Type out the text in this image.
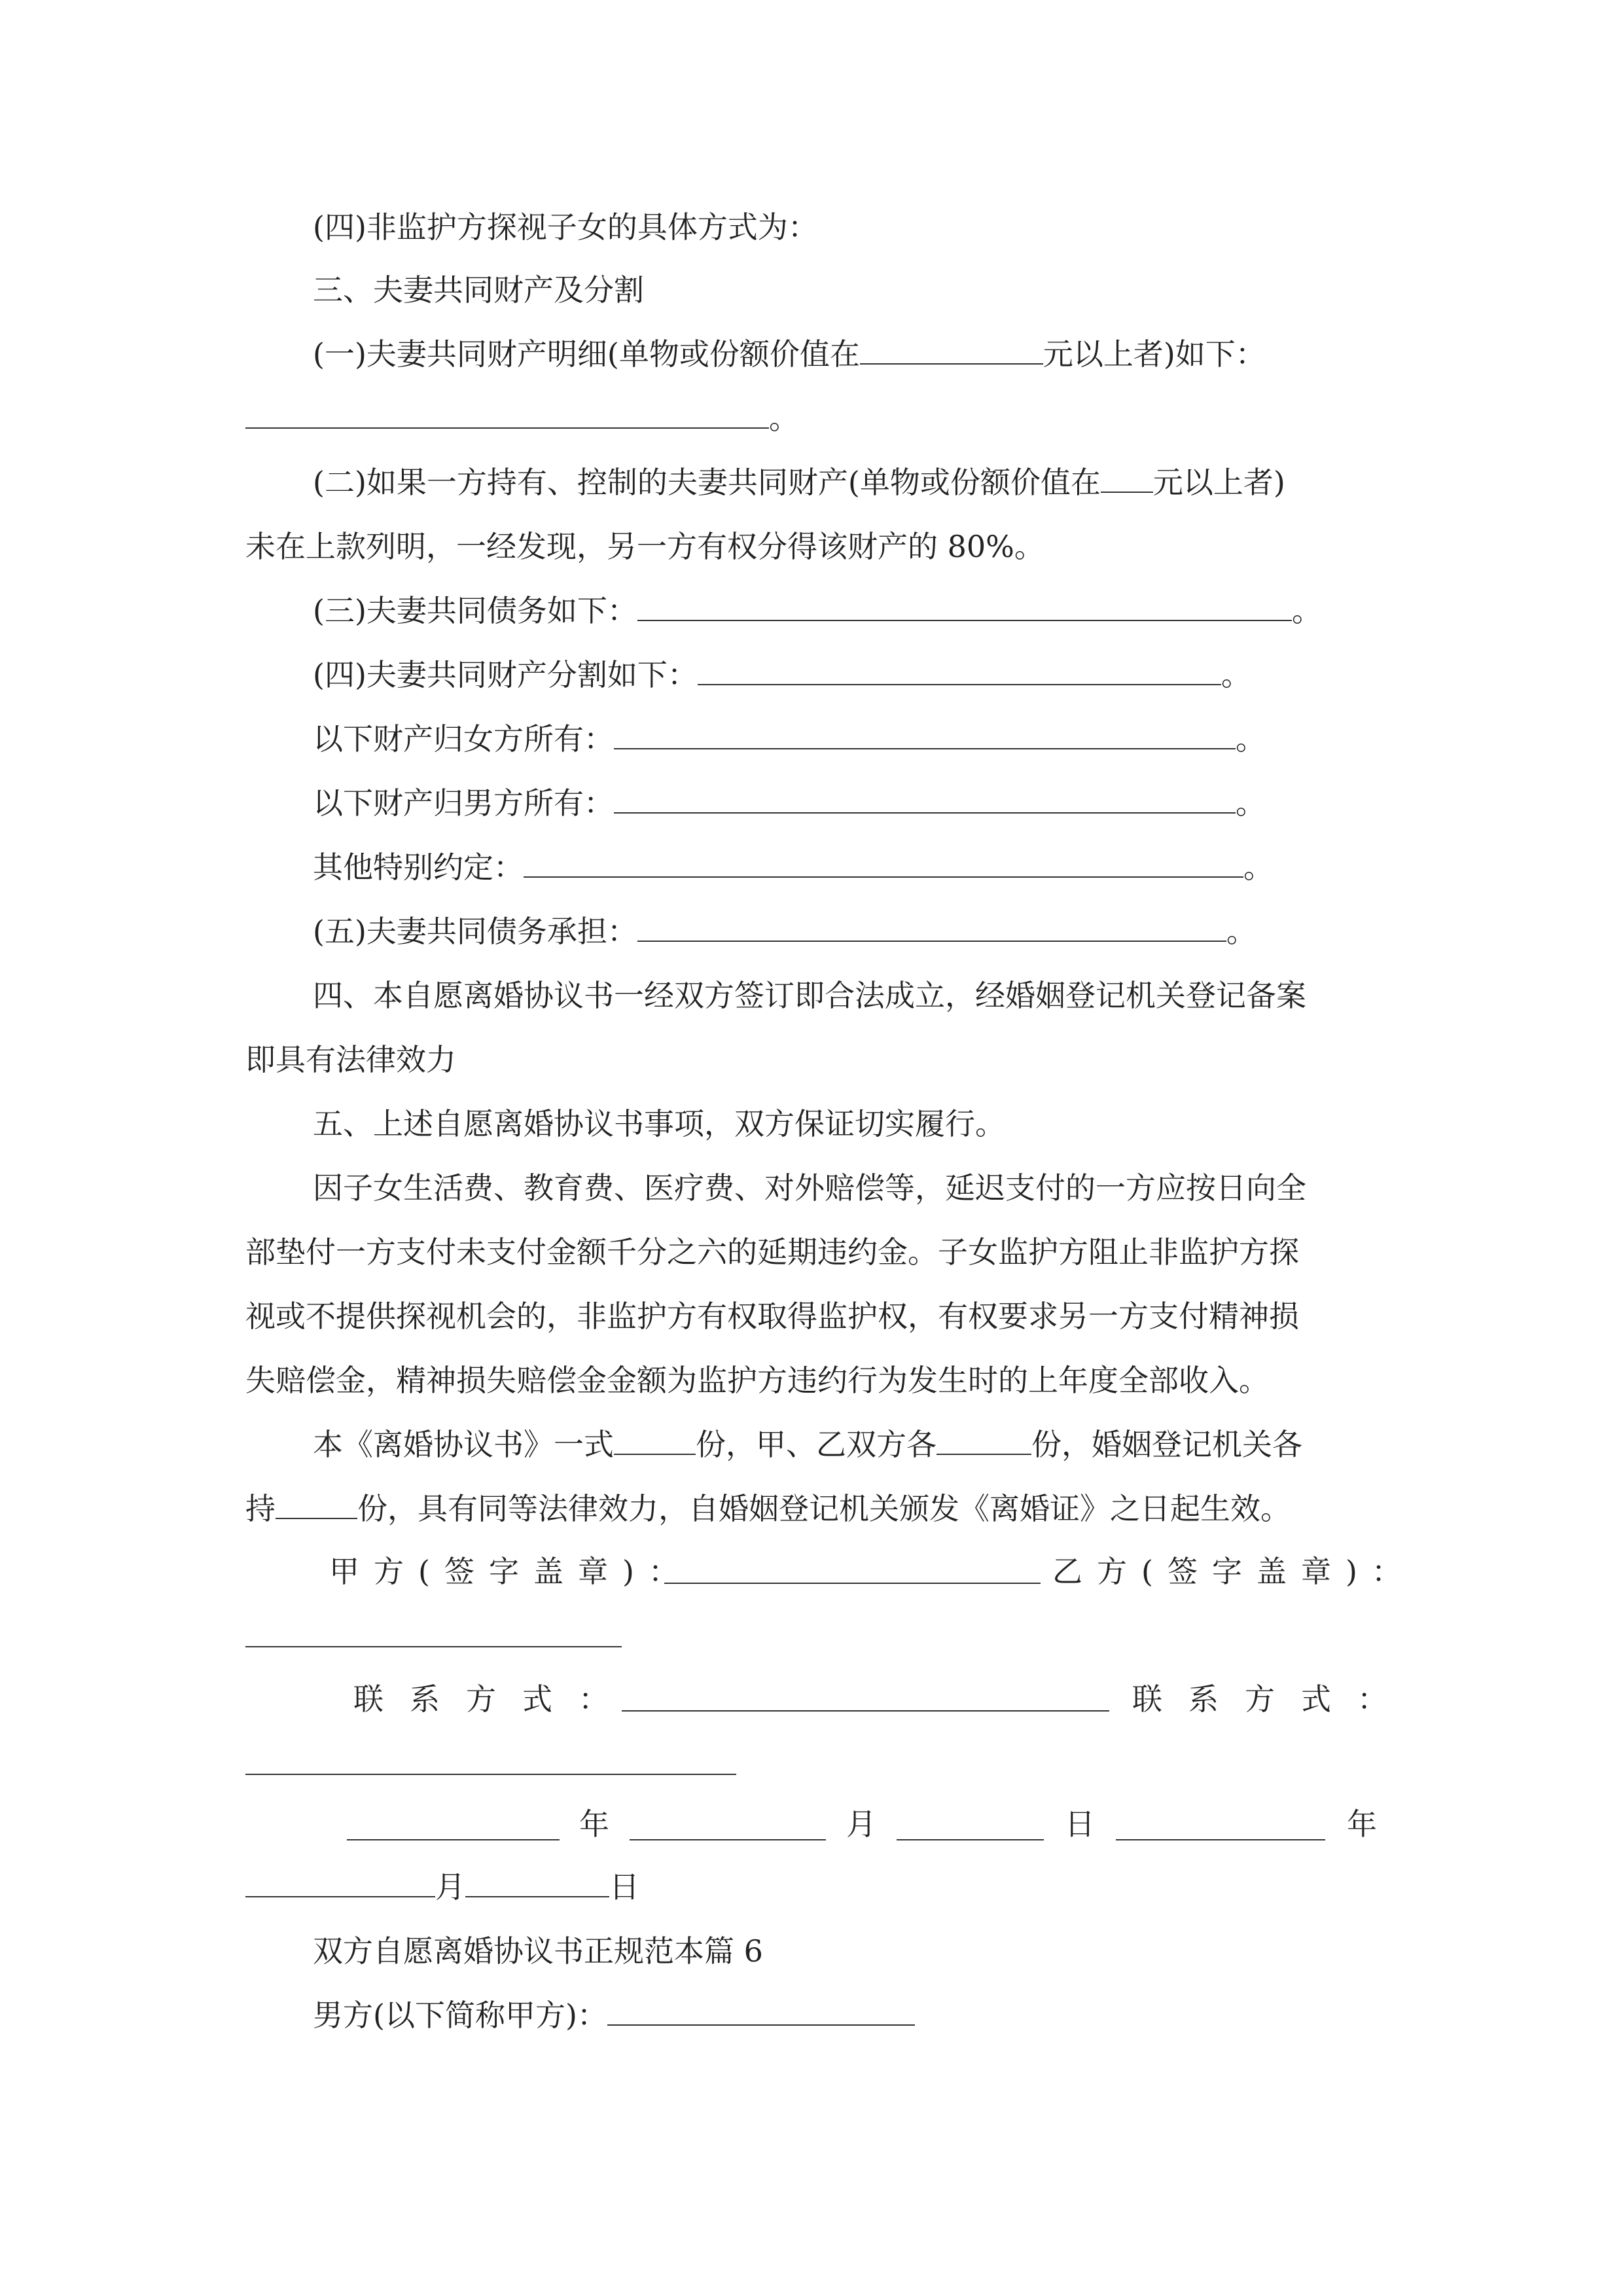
(四)非监护方探视子女的具体方式为：
三、夫妻共同财产及分割
(一)夫妻共同财产明细(单物或份额价值在	元以上者)如下：
。
(二)如果一方持有、控制的夫妻共同财产(单物或份额价值在 元以上者)
未在上款列明，一经发现，另一方有权分得该财产的 80%。
(三)夫妻共同债务如下：	。
(四)夫妻共同财产分割如下：	。
以下财产归女方所有：	。
以下财产归男方所有：	。
其他特别约定：	。
(五)夫妻共同债务承担：	。
四、本自愿离婚协议书一经双方签订即合法成立，经婚姻登记机关登记备案
即具有法律效力
五、上述自愿离婚协议书事项，双方保证切实履行。
因子女生活费、教育费、医疗费、对外赔偿等，延迟支付的一方应按日向全
部垫付一方支付未支付金额千分之六的延期违约金。子女监护方阻止非监护方探
视或不提供探视机会的，非监护方有权取得监护权，有权要求另一方支付精神损
失赔偿金，精神损失赔偿金金额为监护方违约行为发生时的上年度全部收入。
本《离婚协议书》一式	份，甲、乙双方各	份，婚姻登记机关各
持	份，具有同等法律效力，自婚姻登记机关颁发《离婚证》之日起生效。
甲方(签字盖章)：	乙方(签字盖章)：
联系方式：	联系方式：
年	月	日	年
月	日
双方自愿离婚协议书正规范本篇 6
男方(以下简称甲方)：
